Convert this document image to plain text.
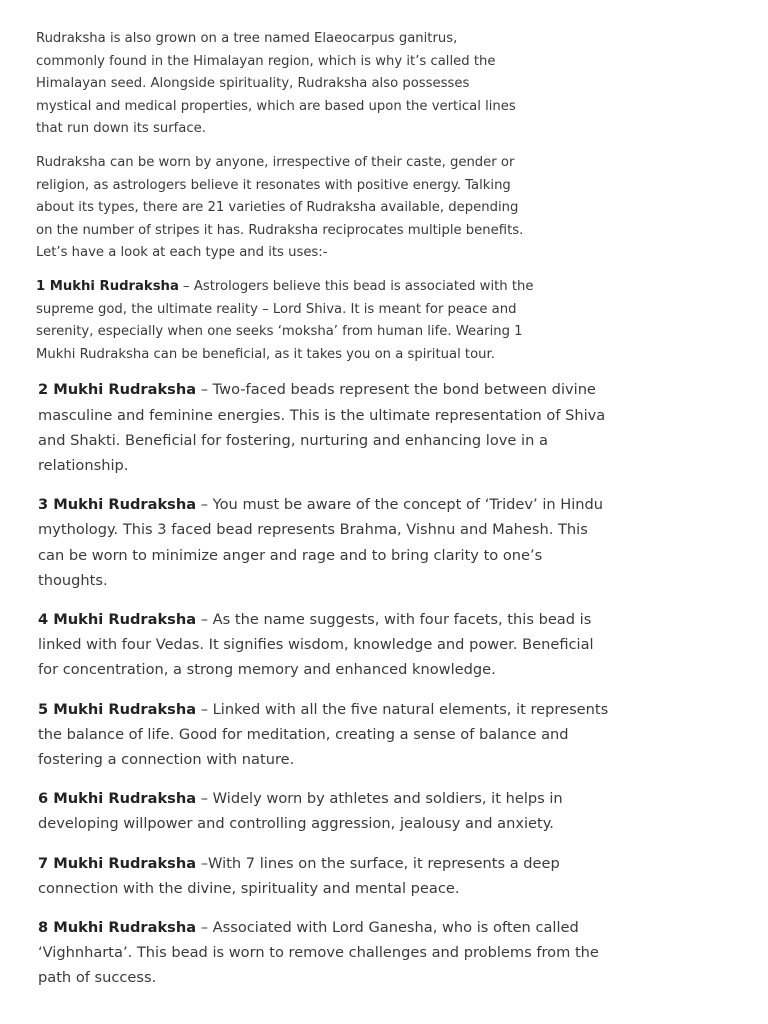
Rudraksha is also grown on a tree named Elaeocarpus ganitrus, commonly found in the Himalayan region, which is why it’s called the Himalayan seed. Alongside spirituality, Rudraksha also possesses mystical and medical properties, which are based upon the vertical lines that run down its surface.

Rudraksha can be worn by anyone, irrespective of their caste, gender or religion, as astrologers believe it resonates with positive energy. Talking about its types, there are 21 varieties of Rudraksha available, depending on the number of stripes it has. Rudraksha reciprocates multiple benefits. Let’s have a look at each type and its uses:-

1 Mukhi Rudraksha – Astrologers believe this bead is associated with the supreme god, the ultimate reality – Lord Shiva. It is meant for peace and serenity, especially when one seeks ‘moksha’ from human life. Wearing 1 Mukhi Rudraksha can be beneficial, as it takes you on a spiritual tour.

2 Mukhi Rudraksha – Two-faced beads represent the bond between divine masculine and feminine energies. This is the ultimate representation of Shiva and Shakti. Beneficial for fostering, nurturing and enhancing love in a relationship.

3 Mukhi Rudraksha – You must be aware of the concept of ‘Tridev’ in Hindu mythology. This 3 faced bead represents Brahma, Vishnu and Mahesh. This can be worn to minimize anger and rage and to bring clarity to one’s thoughts.

4 Mukhi Rudraksha – As the name suggests, with four facets, this bead is linked with four Vedas. It signifies wisdom, knowledge and power. Beneficial for concentration, a strong memory and enhanced knowledge.

5 Mukhi Rudraksha – Linked with all the five natural elements, it represents the balance of life. Good for meditation, creating a sense of balance and fostering a connection with nature.

6 Mukhi Rudraksha – Widely worn by athletes and soldiers, it helps in developing willpower and controlling aggression, jealousy and anxiety.

7 Mukhi Rudraksha –With 7 lines on the surface, it represents a deep connection with the divine, spirituality and mental peace.

8 Mukhi Rudraksha – Associated with Lord Ganesha, who is often called ‘Vighnharta’. This bead is worn to remove challenges and problems from the path of success.
